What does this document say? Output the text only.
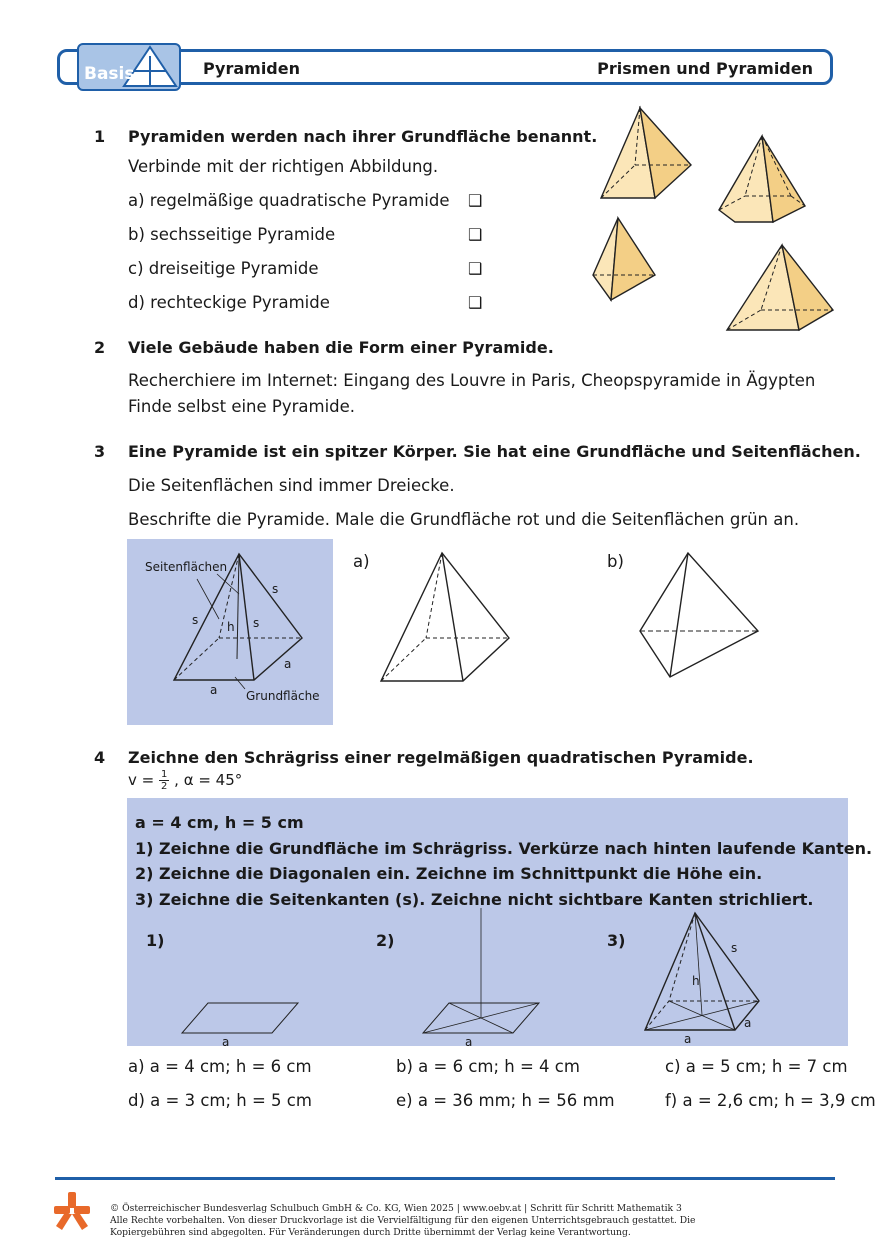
Basis	Pyramiden	Prismen und Pyramiden
1 Pyramiden werden nach ihrer Grundfläche benannt.
Verbinde mit der richtigen Abbildung.
a) regelmäßige quadratische Pyramide ❑
b) sechsseitige Pyramide	❑
c) dreiseitige Pyramide	❑
d) rechteckige Pyramide	❑
2 Viele Gebäude haben die Form einer Pyramide.
Recherchiere im Internet: Eingang des Louvre in Paris, Cheopspyramide in Ägypten
Finde selbst eine Pyramide.
3 Eine Pyramide ist ein spitzer Körper. Sie hat eine Grundfläche und Seitenflächen.
Die Seitenflächen sind immer Dreiecke.
Beschrifte die Pyramide. Male die Grundfläche rot und die Seitenflächen grün an.
Seitenflächen
s
s	s
h
a
a Grundfläche
a)	b)
4 Zeichne den Schrägriss einer regelmäßigen quadratischen Pyramide.
$v = \frac{1}{2}$ , α = 45°
a = 4 cm, h = 5 cm
1) Zeichne die Grundfläche im Schrägriss. Verkürze nach hinten laufende Kanten.
2) Zeichne die Diagonalen ein. Zeichne im Schnittpunkt die Höhe ein.
3) Zeichne die Seitenkanten (s). Zeichne nicht sichtbare Kanten strichliert.
1)	2)	3)
a	a
s
h
a
a
a) a = 4 cm; h = 6 cm	b) a = 6 cm; h = 4 cm	c) a = 5 cm; h = 7 cm
d) a = 3 cm; h = 5 cm	e) a = 36 mm; h = 56 mm	f) a = 2,6 cm; h = 3,9 cm
© Österreichischer Bundesverlag Schulbuch GmbH & Co. KG, Wien 2025 | www.oebv.at | Schritt für Schritt Mathematik 3
Alle Rechte vorbehalten. Von dieser Druckvorlage ist die Vervielfältigung für den eigenen Unterrichtsgebrauch gestattet. Die
Kopiergebühren sind abgegolten. Für Veränderungen durch Dritte übernimmt der Verlag keine Verantwortung.
